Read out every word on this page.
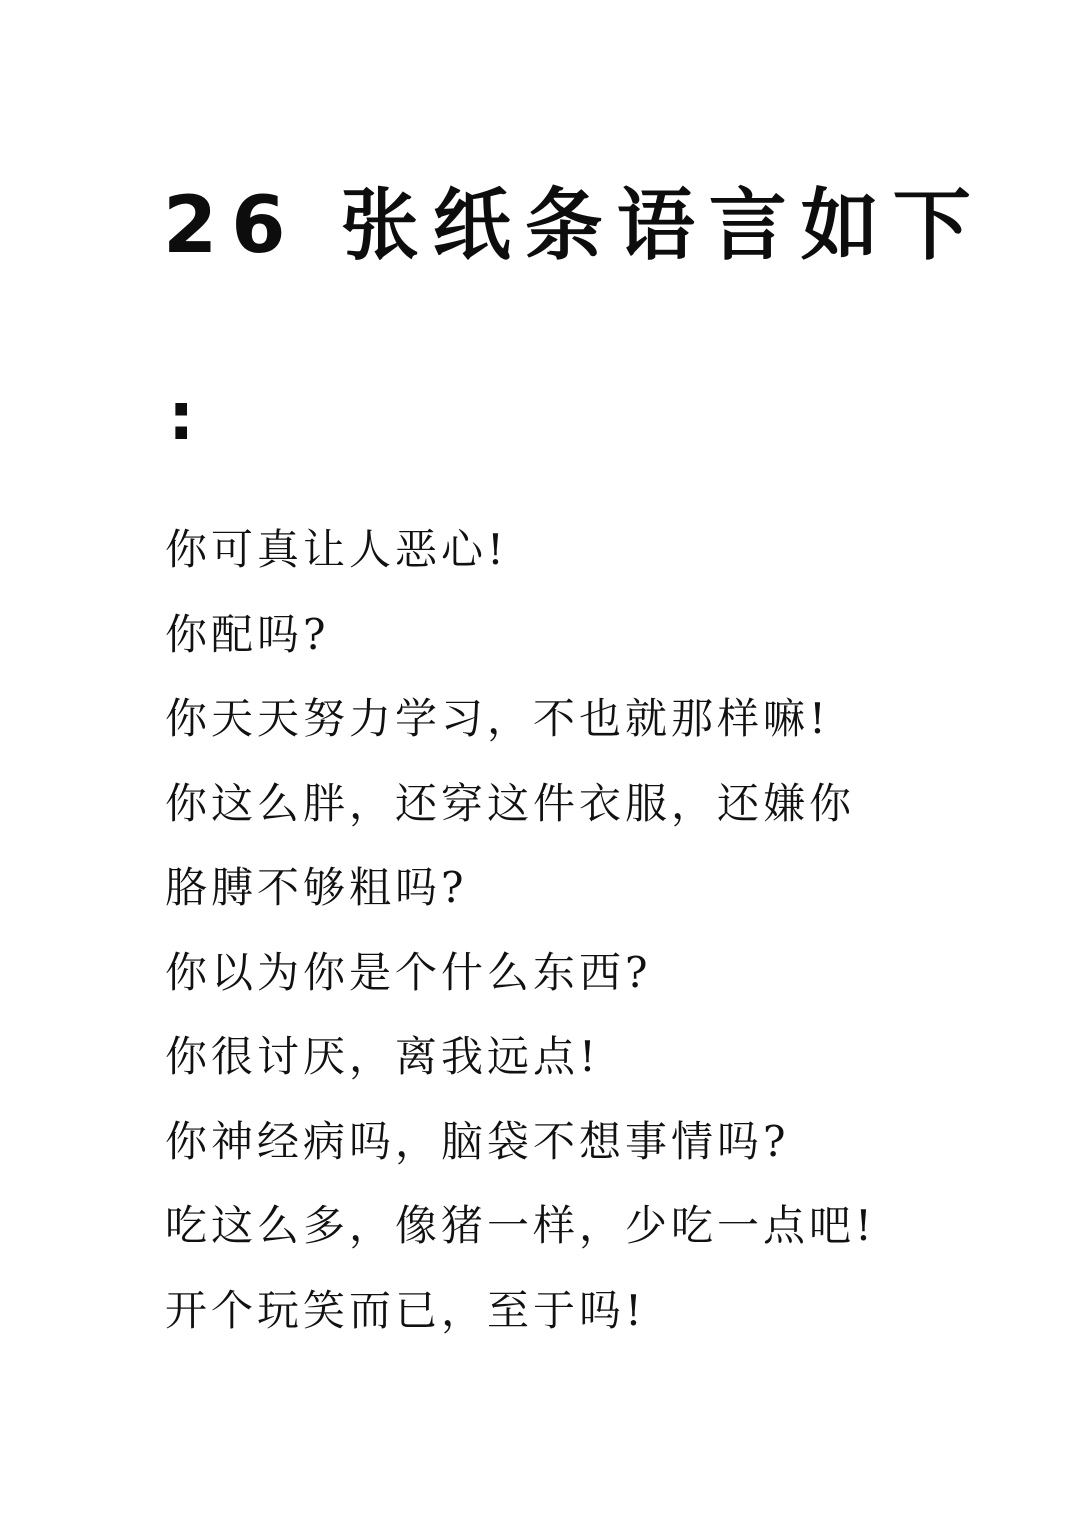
26 张纸条语言如下
:
你可真让人恶心!
你配吗?
你天天努力学习，不也就那样嘛!
你这么胖，还穿这件衣服，还嫌你
胳膊不够粗吗?
你以为你是个什么东西?
你很讨厌，离我远点!
你神经病吗，脑袋不想事情吗?
吃这么多，像猪一样，少吃一点吧!
开个玩笑而已，至于吗!
